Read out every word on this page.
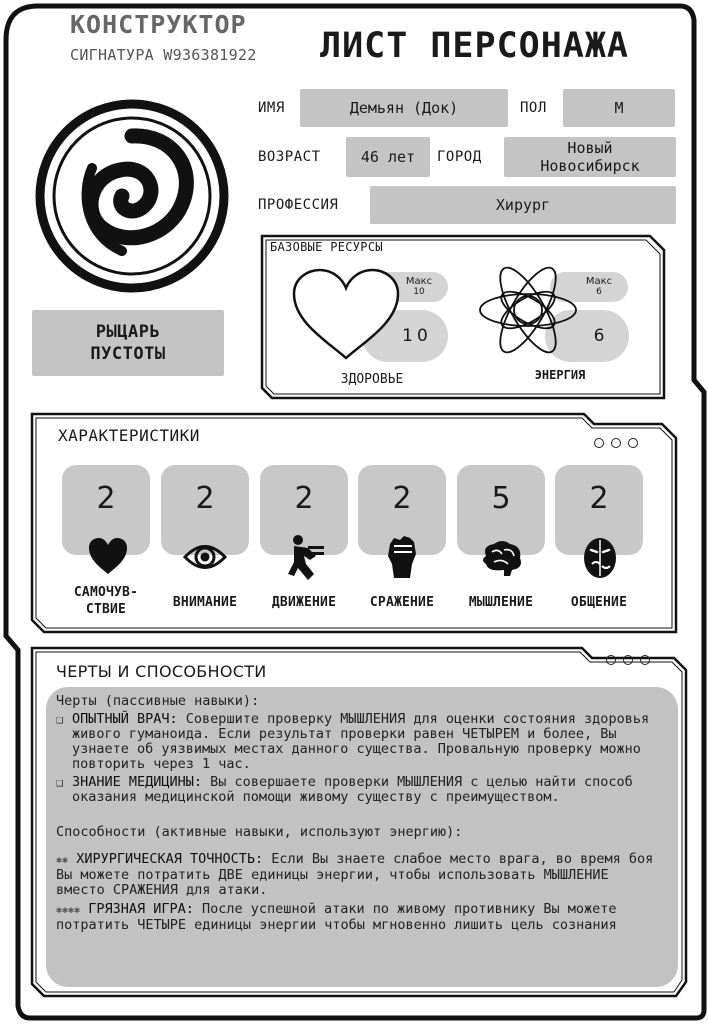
КОНСТРУКТОР
СИГНАТУРА W936381922 ЛИСТ ПЕРСОНАЖА
РЫЦАРЬ
ПУСТОТЫ
ИМЯ	Демьян (Док)	ПОЛ	М
ВОЗРАСТ	46 лет	ГОРОД	Новый
Новосибирск
ПРОФЕССИЯ	Хирург
БАЗОВЫЕ РЕСУРСЫ
Макс
10
10
ЗДОРОВЬЕ
Макс
6
6
ЭНЕРГИЯ
ХАРАКТЕРИСТИКИ
2
САМОЧУВ-
СТВИЕ
2
ВНИМАНИЕ
2
ДВИЖЕНИЕ
2
СРАЖЕНИЕ
5
МЫШЛЕНИЕ
2
ОБЩЕНИЕ
ЧЕРТЫ И СПОСОБНОСТИ
Черты (пассивные навыки):
❑ ОПЫТНЫЙ ВРАЧ: Совершите проверку МЫШЛЕНИЯ для оценки состояния здоровья живого гуманоида. Если результат проверки равен ЧЕТЫРЕМ и более, Вы узнаете об уязвимых местах данного существа. Провальную проверку можно повторить через 1 час.
❑ ЗНАНИЕ МЕДИЦИНЫ: Вы совершаете проверки МЫШЛЕНИЯ с целью найти способ оказания медицинской помощи живому существу с преимуществом.
Способности (активные навыки, используют энергию):
✱✱ ХИРУРГИЧЕСКАЯ ТОЧНОСТЬ: Если Вы знаете слабое место врага, во время боя Вы можете потратить ДВЕ единицы энергии, чтобы использовать МЫШЛЕНИЕ вместо СРАЖЕНИЯ для атаки.
✱✱✱✱ ГРЯЗНАЯ ИГРА: После успешной атаки по живому противнику Вы можете потратить ЧЕТЫРЕ единицы энергии чтобы мгновенно лишить цель сознания
